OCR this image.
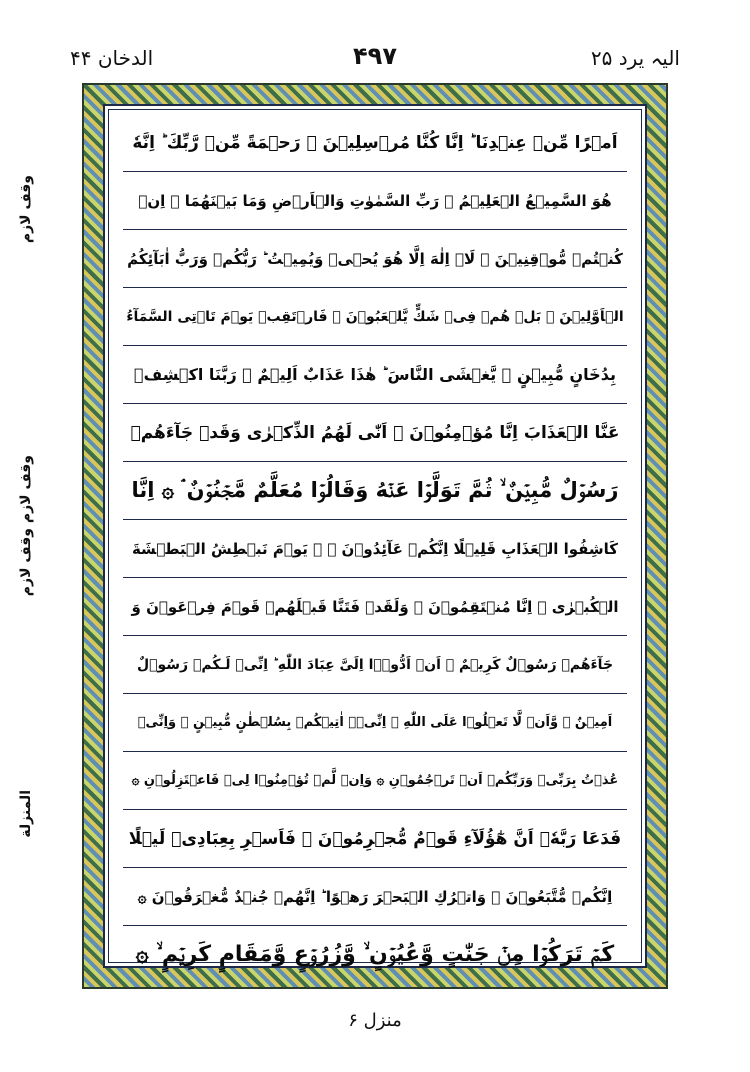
الیہ یرد ۲۵
۴۹۷
الدخان ۴۴
وقف لازم
وقف لازم وقف لازم
المنزلة
اَمۡرًا مِّنۡ عِنۡدِنَا ؕ اِنَّا كُنَّا مُرۡسِلِيۡنَ ۚ رَحۡمَةً مِّنۡ رَّبِّكَ ؕ اِنَّهٗ
هُوَ السَّمِيۡعُ الۡعَلِيۡمُ ۙ رَبِّ السَّمٰوٰتِ وَالۡاَرۡضِ وَمَا بَيۡنَهُمَا ۘ اِنۡ
كُنۡتُمۡ مُّوۡقِنِيۡنَ ۞ لَاۤ اِلٰهَ اِلَّا هُوَ يُحۡىٖ وَيُمِيۡتُ ؕ رَبُّكُمۡ وَرَبُّ اٰبَآئِكُمُ
الۡاَوَّلِيۡنَ ۞ بَلۡ هُمۡ فِىۡ شَكٍّ يَّلۡعَبُوۡنَ ۞ فَارۡتَقِبۡ يَوۡمَ تَاۡتِى السَّمَآءُ
بِدُخَانٍ مُّبِيۡنٍ ۙ يَّغۡشَى النَّاسَ ؕ هٰذَا عَذَابٌ اَلِيۡمٌ ۞ رَبَّنَا اكۡشِفۡ
عَنَّا الۡعَذَابَ اِنَّا مُؤۡمِنُوۡنَ ۞ اَنّٰى لَهُمُ الذِّكۡرٰى وَقَدۡ جَآءَهُمۡ
رَسُوۡلٌ مُّبِيۡنٌ ۙ ثُمَّ تَوَلَّوۡا عَنۡهُ وَقَالُوۡا مُعَلَّمٌ مَّجۡنُوۡنٌ ۘ ۞ اِنَّا
كَاشِفُوا الۡعَذَابِ قَلِيۡلًا اِنَّكُمۡ عَآئِدُوۡنَ ۘ ۞ يَوۡمَ نَبۡطِشُ الۡبَطۡشَةَ
الۡكُبۡرٰى ۚ اِنَّا مُنۡتَقِمُوۡنَ ۞ وَلَقَدۡ فَتَنَّا قَبۡلَهُمۡ قَوۡمَ فِرۡعَوۡنَ وَ
جَآءَهُمۡ رَسُوۡلٌ كَرِيۡمٌ ۙ اَنۡ اَدُّوۡۤا اِلَىَّ عِبَادَ اللّٰهِ ؕ اِنِّىۡ لَـكُمۡ رَسُوۡلٌ
اَمِيۡنٌ ۙ وَّاَنۡ لَّا تَعۡلُوۡا عَلَى اللّٰهِ ۚ اِنِّىۡۤ اٰتِيۡكُمۡ بِسُلۡطٰنٍ مُّبِيۡنٍ ۚ وَاِنِّىۡ
عُذۡتُ بِرَبِّىۡ وَرَبِّكُمۡ اَنۡ تَرۡجُمُوۡنِ ۞ وَاِنۡ لَّمۡ تُؤۡمِنُوۡا لِىۡ فَاعۡتَزِلُوۡنِ ۞
فَدَعَا رَبَّهٗۤ اَنَّ هٰٓؤُلَآءِ قَوۡمٌ مُّجۡرِمُوۡنَ ۞ فَاَسۡرِ بِعِبَادِىۡ لَيۡلًا
اِنَّكُمۡ مُّتَّبَعُوۡنَ ۙ وَاتۡرُكِ الۡبَحۡرَ رَهۡوًا ؕ اِنَّهُمۡ جُنۡدٌ مُّغۡرَقُوۡنَ ۞
كَمۡ تَرَكُوۡا مِنۡ جَنّٰتٍ وَّعُيُوۡنٍ ۙ وَّزُرُوۡعٍ وَّمَقَامٍ كَرِيۡمٍ ۙ ۞
منزل ۶
